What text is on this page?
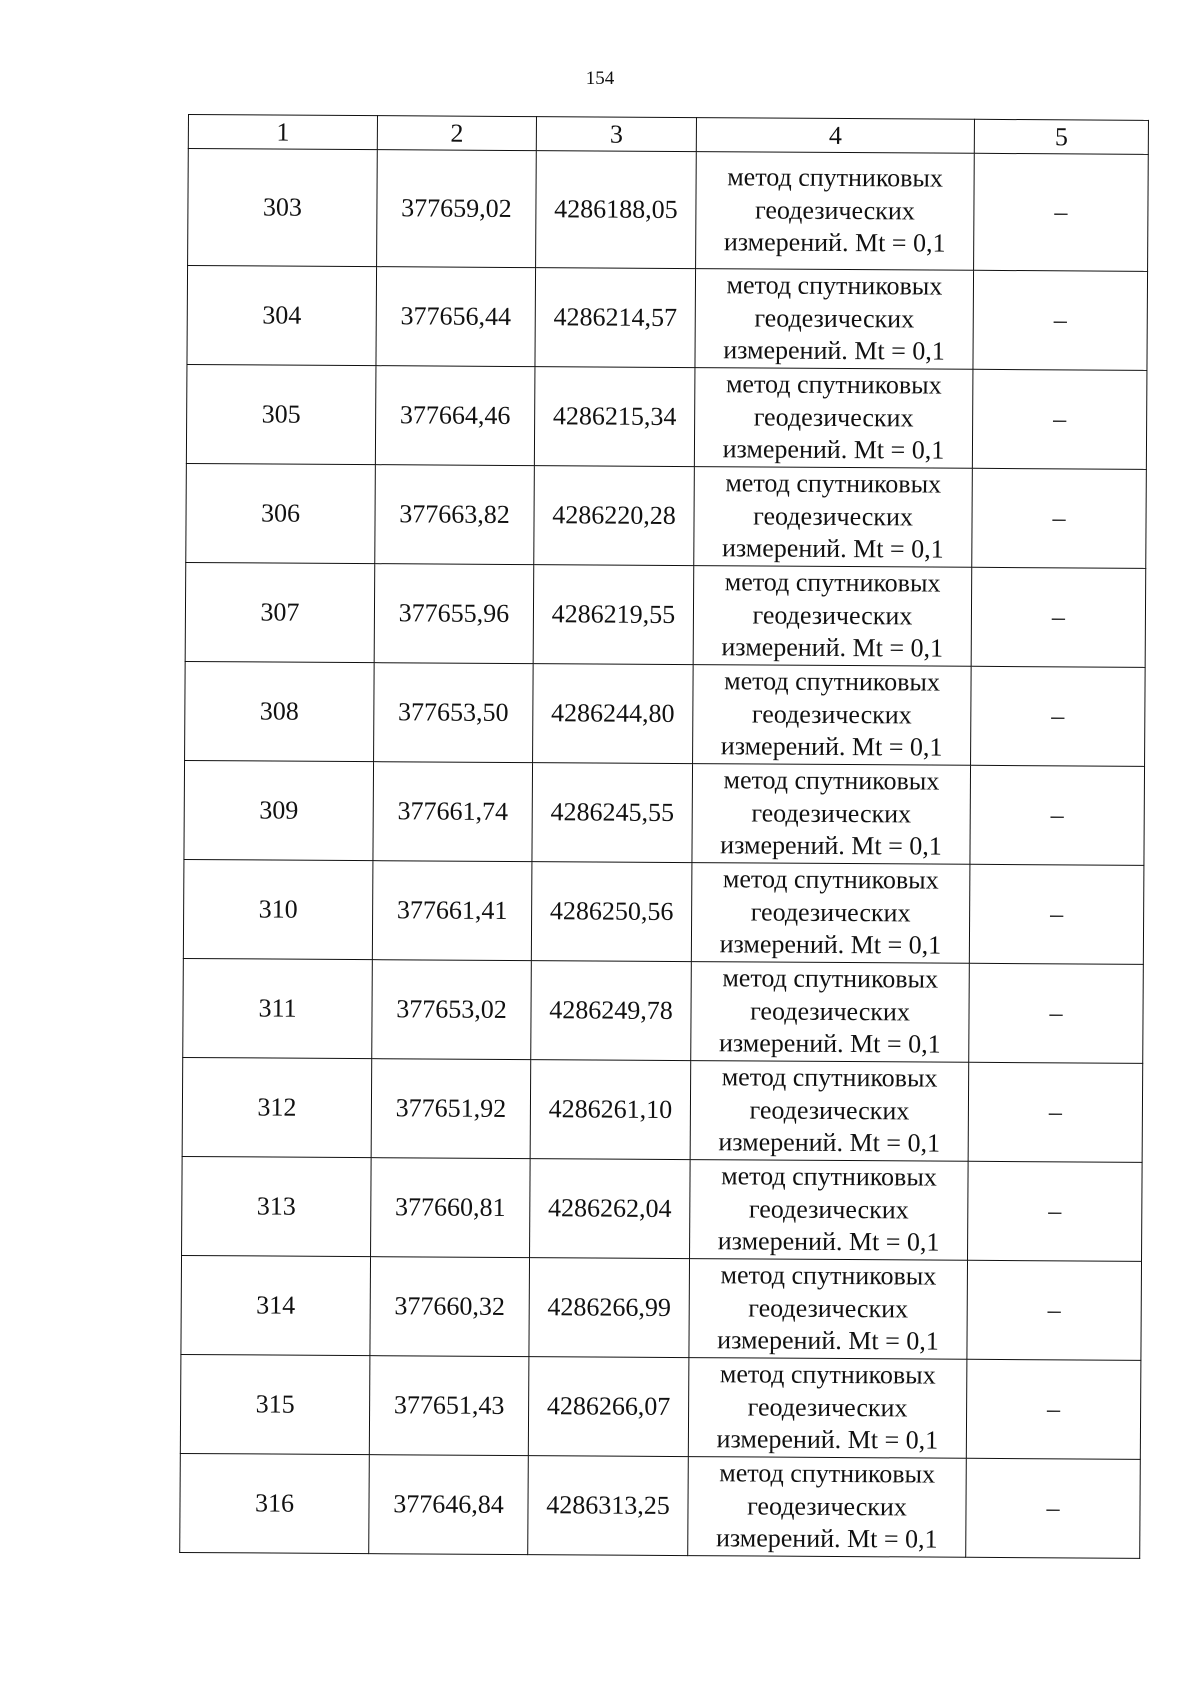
154
1	2	3	4	5
303	377659,02	4286188,05	метод спутниковых
геодезических
измерений. Mt = 0,1	–
304	377656,44	4286214,57	метод спутниковых
геодезических
измерений. Mt = 0,1	–
305	377664,46	4286215,34	метод спутниковых
геодезических
измерений. Mt = 0,1	–
306	377663,82	4286220,28	метод спутниковых
геодезических
измерений. Mt = 0,1	–
307	377655,96	4286219,55	метод спутниковых
геодезических
измерений. Mt = 0,1	–
308	377653,50	4286244,80	метод спутниковых
геодезических
измерений. Mt = 0,1	–
309	377661,74	4286245,55	метод спутниковых
геодезических
измерений. Mt = 0,1	–
310	377661,41	4286250,56	метод спутниковых
геодезических
измерений. Mt = 0,1	–
311	377653,02	4286249,78	метод спутниковых
геодезических
измерений. Mt = 0,1	–
312	377651,92	4286261,10	метод спутниковых
геодезических
измерений. Mt = 0,1	–
313	377660,81	4286262,04	метод спутниковых
геодезических
измерений. Mt = 0,1	–
314	377660,32	4286266,99	метод спутниковых
геодезических
измерений. Mt = 0,1	–
315	377651,43	4286266,07	метод спутниковых
геодезических
измерений. Mt = 0,1	–
316	377646,84	4286313,25	метод спутниковых
геодезических
измерений. Mt = 0,1	–
